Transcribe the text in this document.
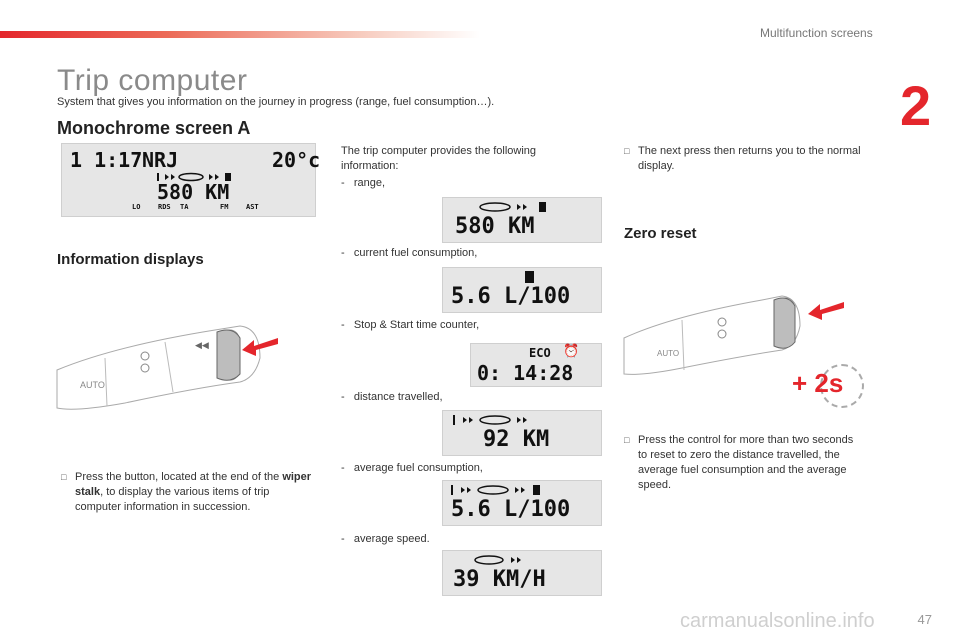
Multifunction screens
2
Trip computer
System that gives you information on the journey in progress (range, fuel consumption…).
Monochrome screen A
1 1:17 NRJ	20°c
580 KM
LO	RDS TA	FM	AST
Information displays
◀◀
AUTO
□ Press the button, located at the end of the wiper stalk, to display the various items of trip computer information in succession.
The trip computer provides the following information:
-   range,
580 KM
-   current fuel consumption,
5.6 L/100
-   Stop & Start time counter,
ECO ⏰
0: 14:28
-   distance travelled,
92 KM
-   average fuel consumption,
5.6 L/100
-   average speed.
39 KM/H
□ The next press then returns you to the normal display.
Zero reset
AUTO
+ 2s
□ Press the control for more than two seconds to reset to zero the distance travelled, the average fuel consumption and the average speed.
carmanualsonline.info	47
